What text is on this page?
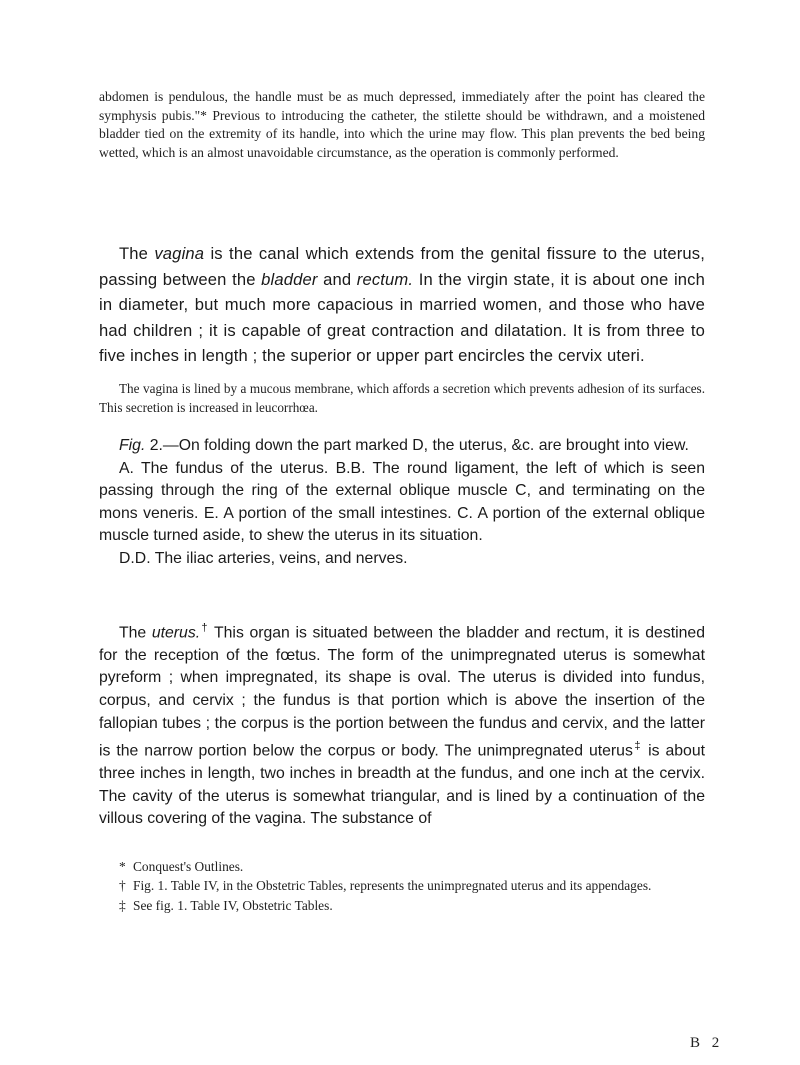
abdomen is pendulous, the handle must be as much depressed, immediately after the point has cleared the symphysis pubis."* Previous to introducing the catheter, the stilette should be withdrawn, and a moistened bladder tied on the extremity of its handle, into which the urine may flow. This plan prevents the bed being wetted, which is an almost unavoidable circumstance, as the operation is commonly performed.

The vagina is the canal which extends from the genital fissure to the uterus, passing between the bladder and rectum. In the virgin state, it is about one inch in diameter, but much more capacious in married women, and those who have had children ; it is capable of great contraction and dilatation. It is from three to five inches in length ; the superior or upper part encircles the cervix uteri.

The vagina is lined by a mucous membrane, which affords a secretion which prevents adhesion of its surfaces. This secretion is increased in leucorrhœa.

Fig. 2.—On folding down the part marked D, the uterus, &c. are brought into view.

A. The fundus of the uterus. B.B. The round ligament, the left of which is seen passing through the ring of the external oblique muscle C, and terminating on the mons veneris. E. A portion of the small intestines. C. A portion of the external oblique muscle turned aside, to shew the uterus in its situation.

D.D. The iliac arteries, veins, and nerves.

The uterus.† This organ is situated between the bladder and rectum, it is destined for the reception of the fœtus. The form of the unimpregnated uterus is somewhat pyreform ; when impregnated, its shape is oval. The uterus is divided into fundus, corpus, and cervix ; the fundus is that portion which is above the insertion of the fallopian tubes ; the corpus is the portion between the fundus and cervix, and the latter is the narrow portion below the corpus or body. The unimpregnated uterus‡ is about three inches in length, two inches in breadth at the fundus, and one inch at the cervix. The cavity of the uterus is somewhat triangular, and is lined by a continuation of the villous covering of the vagina. The substance of

* Conquest's Outlines.

† Fig. 1. Table IV, in the Obstetric Tables, represents the unimpregnated uterus and its appendages.

‡ See fig. 1. Table IV, Obstetric Tables.

B 2
